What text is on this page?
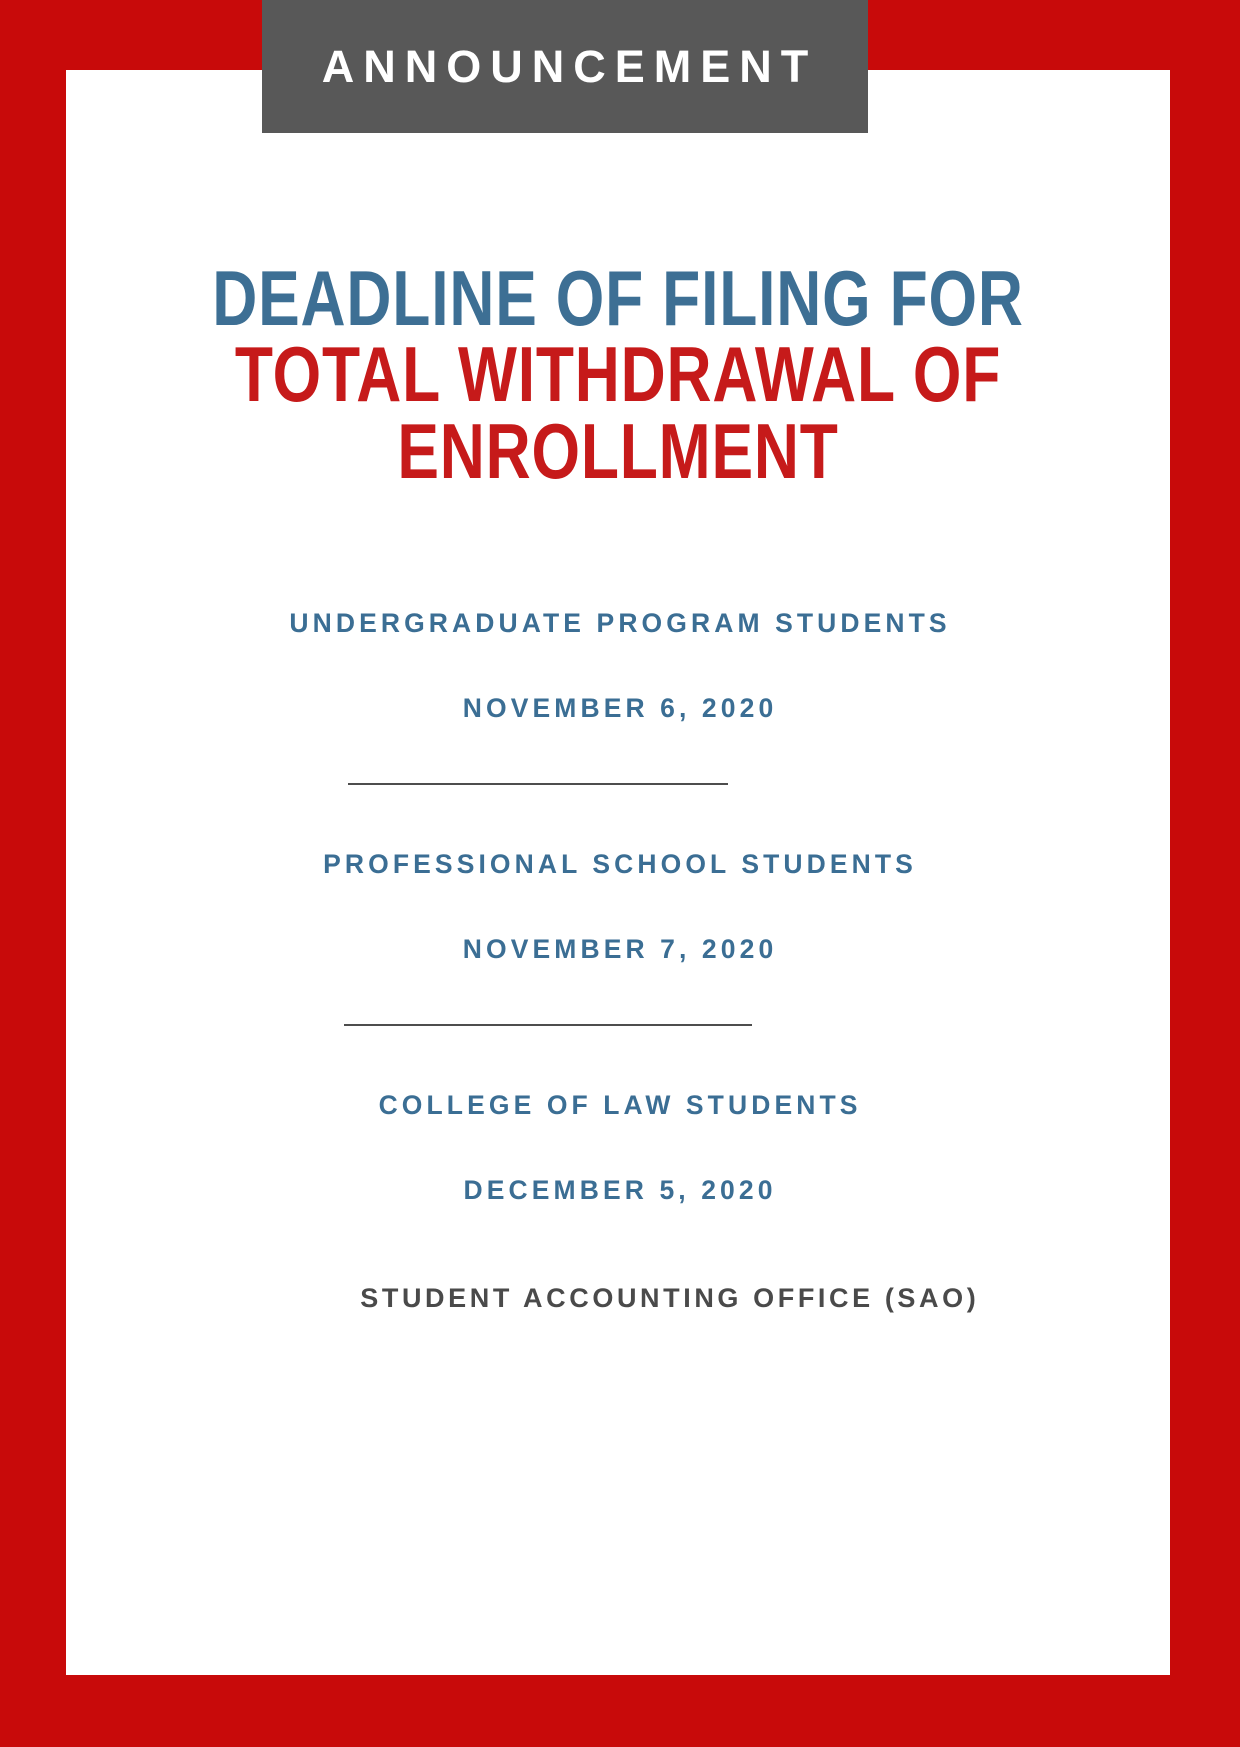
ANNOUNCEMENT
DEADLINE OF FILING FOR
TOTAL WITHDRAWAL OF
ENROLLMENT
UNDERGRADUATE PROGRAM STUDENTS
NOVEMBER 6, 2020
PROFESSIONAL SCHOOL STUDENTS
NOVEMBER 7, 2020
COLLEGE OF LAW STUDENTS
DECEMBER 5, 2020
STUDENT ACCOUNTING OFFICE (SAO)
